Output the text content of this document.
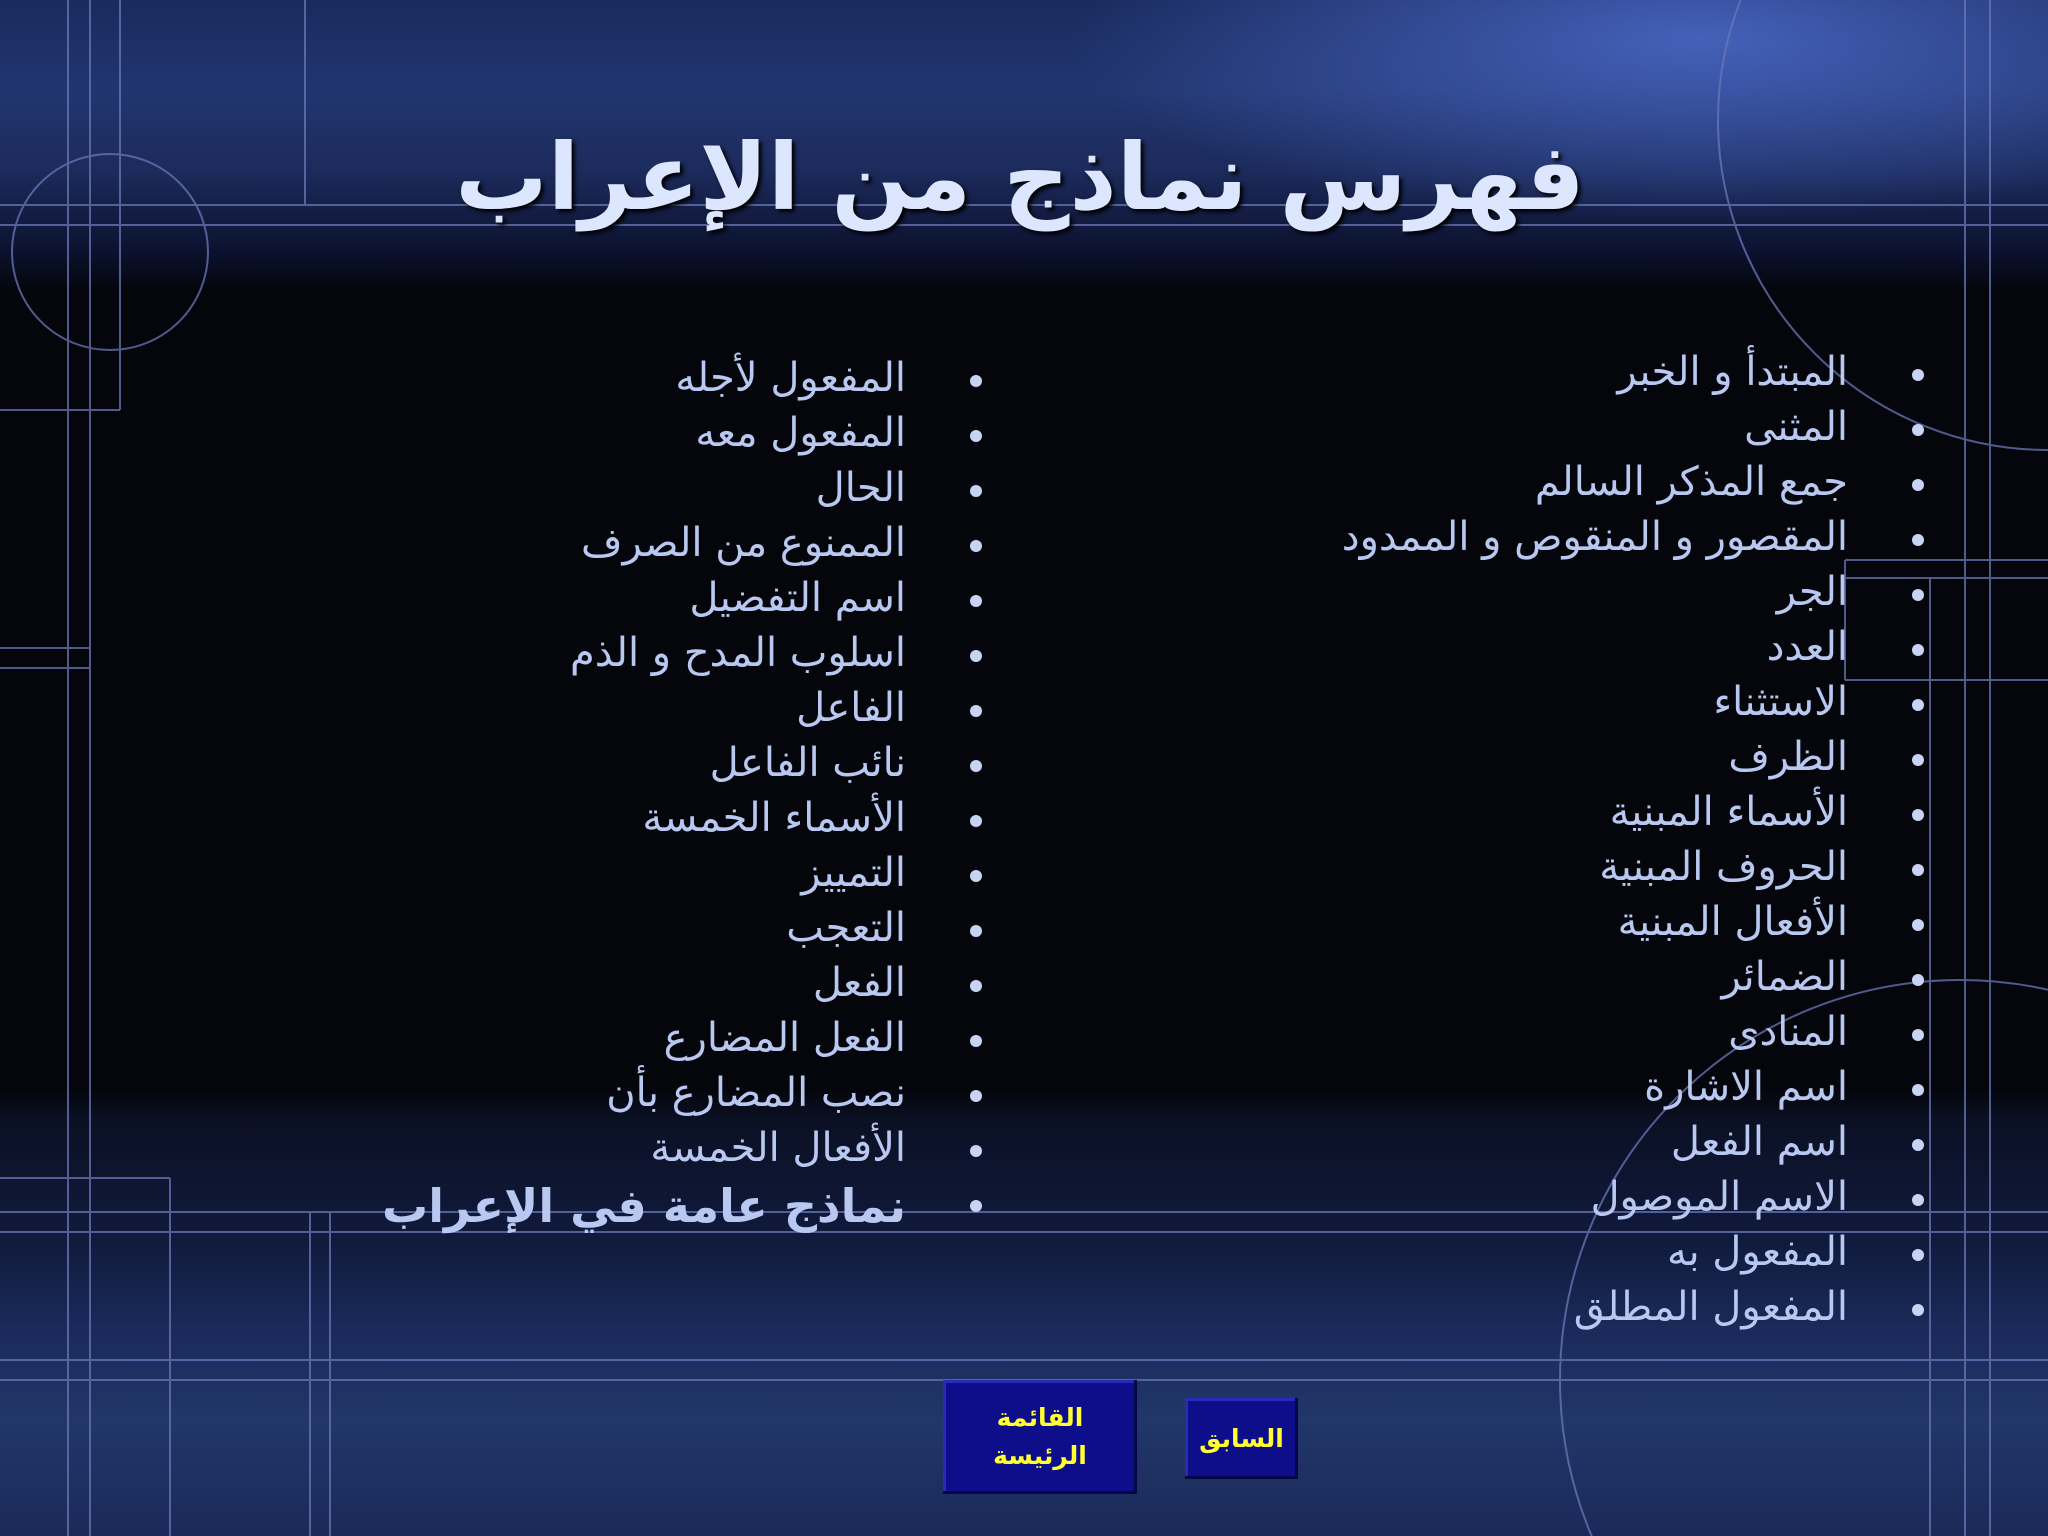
فهرس نماذج من الإعراب
المبتدأ و الخبر
المثنى
جمع المذكر السالم
المقصور و المنقوص و الممدود
الجر
العدد
الاستثناء
الظرف
الأسماء المبنية
الحروف المبنية
الأفعال المبنية
الضمائر
المنادى
اسم الاشارة
اسم الفعل
الاسم الموصول
المفعول به
المفعول المطلق
المفعول لأجله
المفعول معه
الحال
الممنوع من الصرف
اسم التفضيل
اسلوب المدح و الذم
الفاعل
نائب الفاعل
الأسماء الخمسة
التمييز
التعجب
الفعل
الفعل المضارع
نصب المضارع بأن
الأفعال الخمسة
نماذج عامة في الإعراب
القائمة الرئيسة
السابق
